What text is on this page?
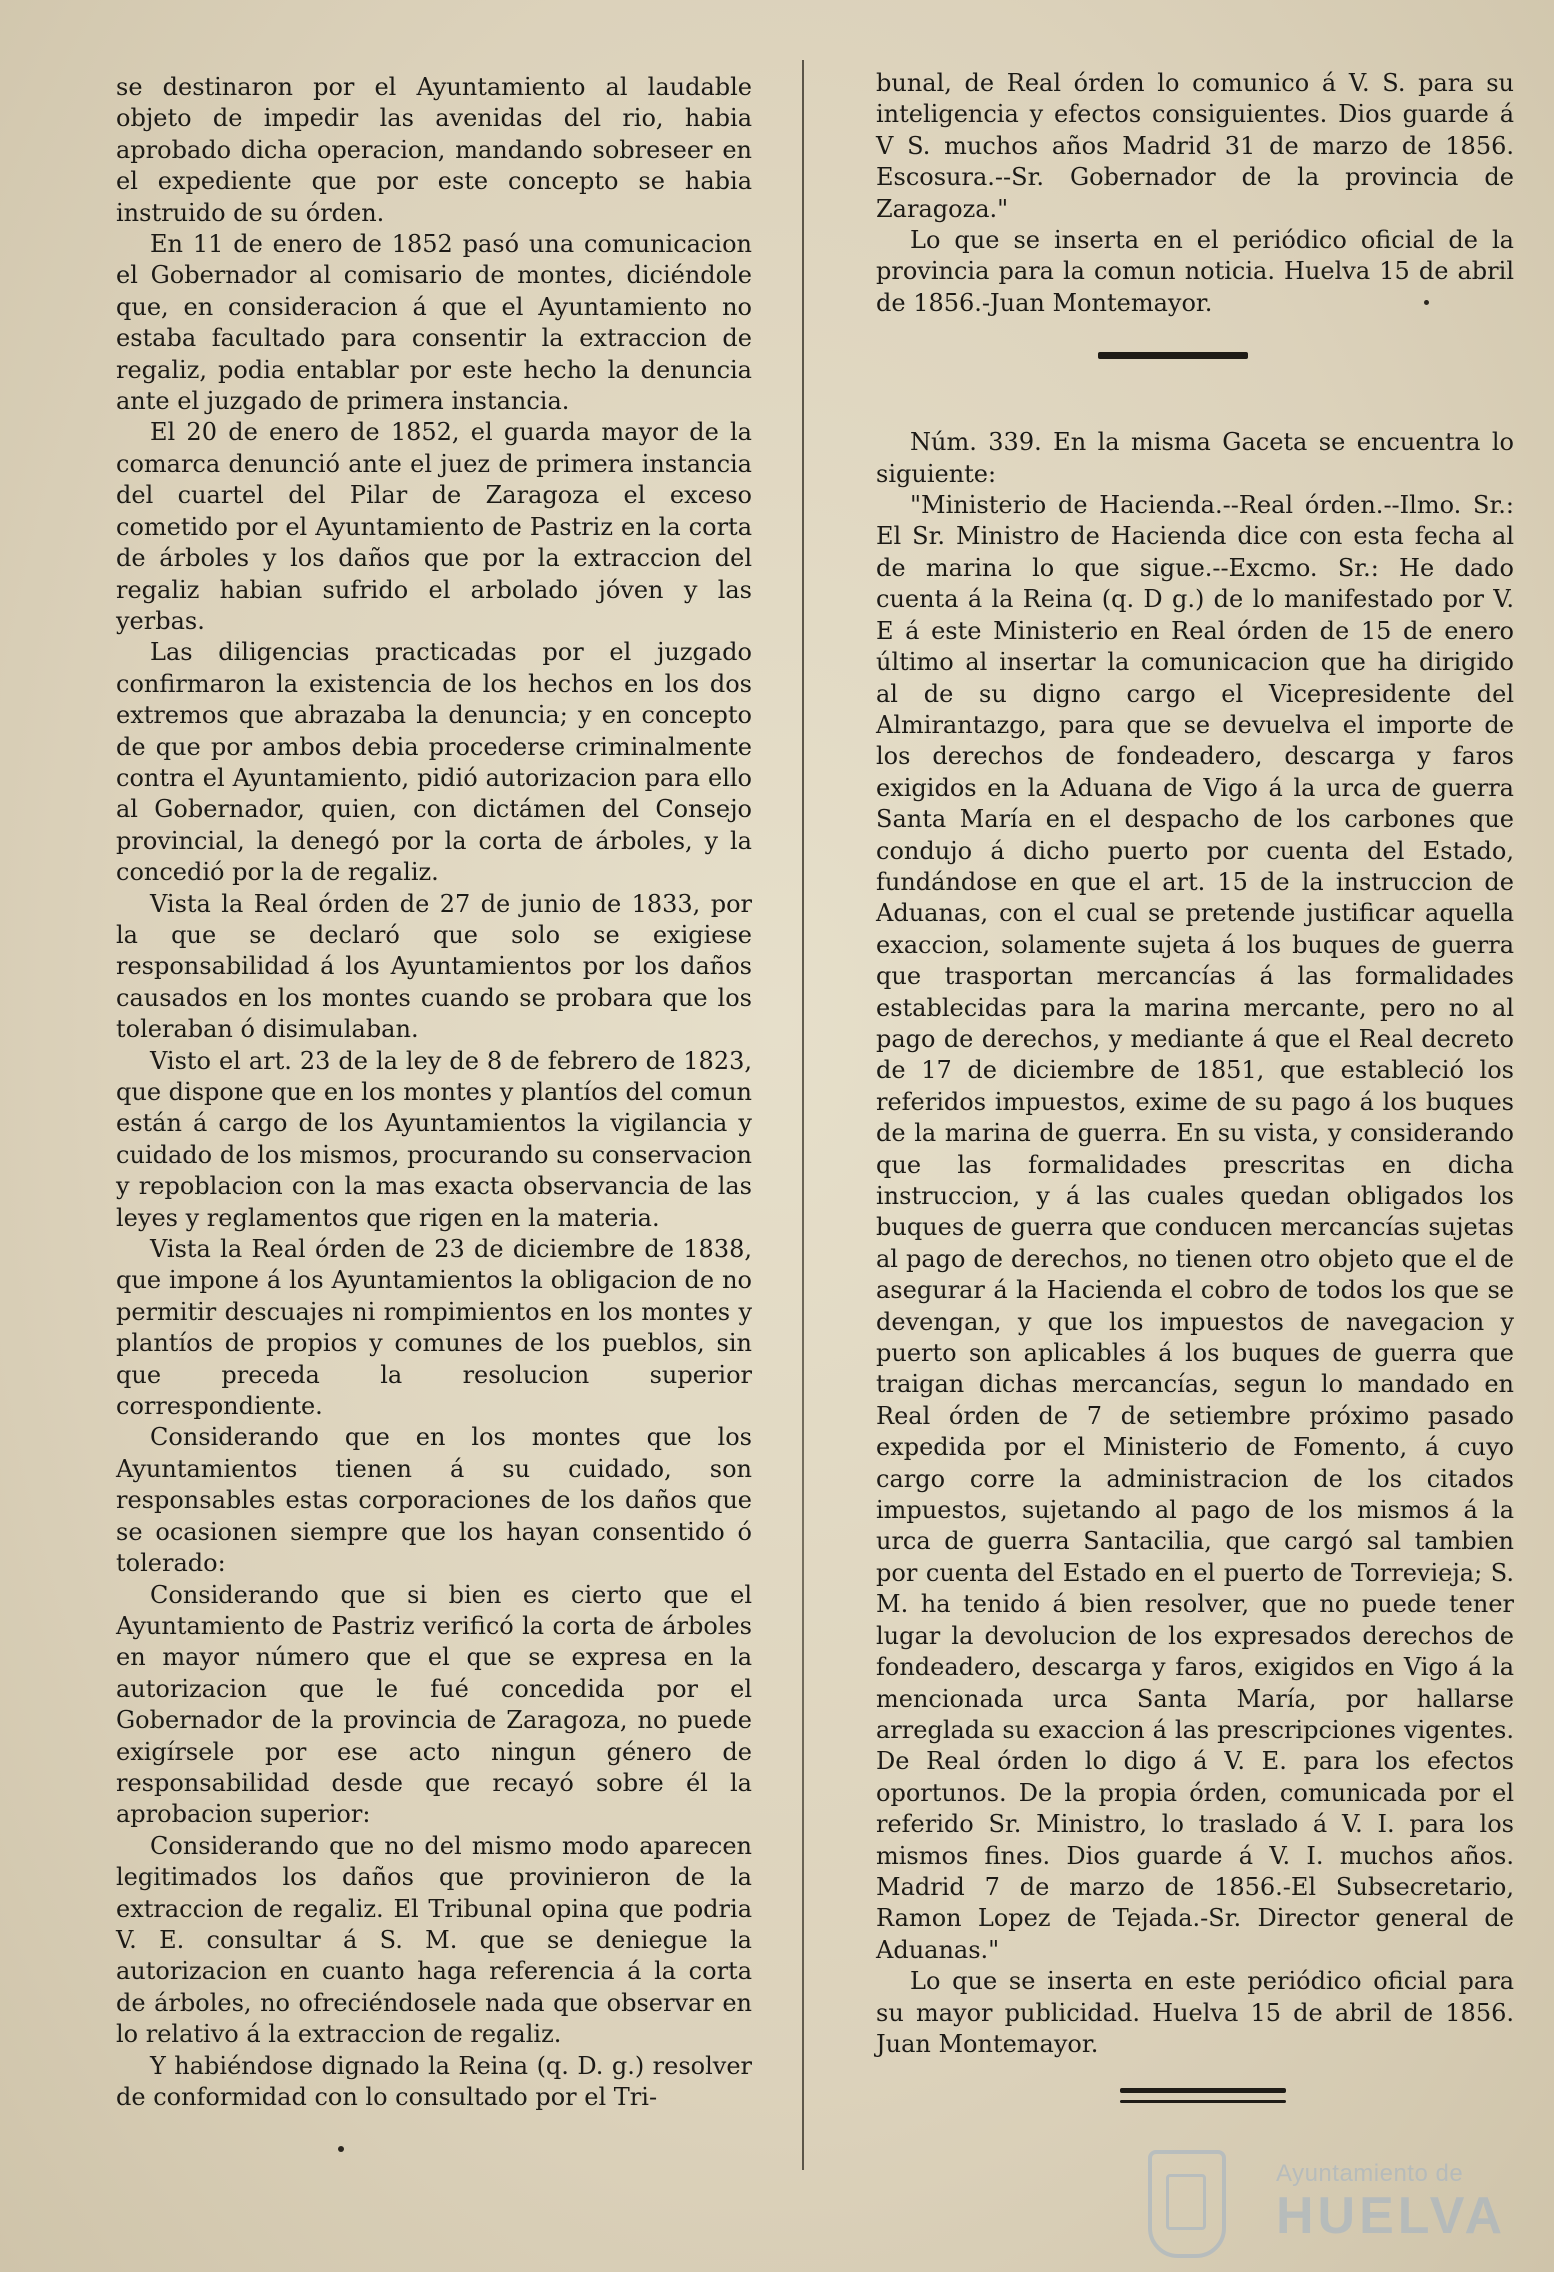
se destinaron por el Ayuntamiento al laudable objeto de impedir las avenidas del rio, habia aprobado dicha operacion, mandando sobreseer en el expediente que por este concepto se habia instruido de su órden.

En 11 de enero de 1852 pasó una comunicacion el Gobernador al comisario de montes, diciéndole que, en consideracion á que el Ayuntamiento no estaba facultado para consentir la extraccion de regaliz, podia entablar por este hecho la denuncia ante el juzgado de primera instancia.

El 20 de enero de 1852, el guarda mayor de la comarca denunció ante el juez de primera instancia del cuartel del Pilar de Zaragoza el exceso cometido por el Ayuntamiento de Pastriz en la corta de árboles y los daños que por la extraccion del regaliz habian sufrido el arbolado jóven y las yerbas.

Las diligencias practicadas por el juzgado confirmaron la existencia de los hechos en los dos extremos que abrazaba la denuncia; y en concepto de que por ambos debia procederse criminalmente contra el Ayuntamiento, pidió autorizacion para ello al Gobernador, quien, con dictámen del Consejo provincial, la denegó por la corta de árboles, y la concedió por la de regaliz.

Vista la Real órden de 27 de junio de 1833, por la que se declaró que solo se exigiese responsabilidad á los Ayuntamientos por los daños causados en los montes cuando se probara que los toleraban ó disimulaban.

Visto el art. 23 de la ley de 8 de febrero de 1823, que dispone que en los montes y plantíos del comun están á cargo de los Ayuntamientos la vigilancia y cuidado de los mismos, procurando su conservacion y repoblacion con la mas exacta observancia de las leyes y reglamentos que rigen en la materia.

Vista la Real órden de 23 de diciembre de 1838, que impone á los Ayuntamientos la obligacion de no permitir descuajes ni rompimientos en los montes y plantíos de propios y comunes de los pueblos, sin que preceda la resolucion superior correspondiente.

Considerando que en los montes que los Ayuntamientos tienen á su cuidado, son responsables estas corporaciones de los daños que se ocasionen siempre que los hayan consentido ó tolerado:

Considerando que si bien es cierto que el Ayuntamiento de Pastriz verificó la corta de árboles en mayor número que el que se expresa en la autorizacion que le fué concedida por el Gobernador de la provincia de Zaragoza, no puede exigírsele por ese acto ningun género de responsabilidad desde que recayó sobre él la aprobacion superior:

Considerando que no del mismo modo aparecen legitimados los daños que provinieron de la extraccion de regaliz. El Tribunal opina que podria V. E. consultar á S. M. que se deniegue la autorizacion en cuanto haga referencia á la corta de árboles, no ofreciéndosele nada que observar en lo relativo á la extraccion de regaliz.

Y habiéndose dignado la Reina (q. D. g.) resolver de conformidad con lo consultado por el Tri-

bunal, de Real órden lo comunico á V. S. para su inteligencia y efectos consiguientes. Dios guarde á V S. muchos años Madrid 31 de marzo de 1856. Escosura.--Sr. Gobernador de la provincia de Zaragoza."

Lo que se inserta en el periódico oficial de la provincia para la comun noticia. Huelva 15 de abril de 1856.-Juan Montemayor.

Núm. 339. En la misma Gaceta se encuentra lo siguiente:

"Ministerio de Hacienda.--Real órden.--Ilmo. Sr.: El Sr. Ministro de Hacienda dice con esta fecha al de marina lo que sigue.--Excmo. Sr.: He dado cuenta á la Reina (q. D g.) de lo manifestado por V. E á este Ministerio en Real órden de 15 de enero último al insertar la comunicacion que ha dirigido al de su digno cargo el Vicepresidente del Almirantazgo, para que se devuelva el importe de los derechos de fondeadero, descarga y faros exigidos en la Aduana de Vigo á la urca de guerra Santa María en el despacho de los carbones que condujo á dicho puerto por cuenta del Estado, fundándose en que el art. 15 de la instruccion de Aduanas, con el cual se pretende justificar aquella exaccion, solamente sujeta á los buques de guerra que trasportan mercancías á las formalidades establecidas para la marina mercante, pero no al pago de derechos, y mediante á que el Real decreto de 17 de diciembre de 1851, que estableció los referidos impuestos, exime de su pago á los buques de la marina de guerra. En su vista, y considerando que las formalidades prescritas en dicha instruccion, y á las cuales quedan obligados los buques de guerra que conducen mercancías sujetas al pago de derechos, no tienen otro objeto que el de asegurar á la Hacienda el cobro de todos los que se devengan, y que los impuestos de navegacion y puerto son aplicables á los buques de guerra que traigan dichas mercancías, segun lo mandado en Real órden de 7 de setiembre próximo pasado expedida por el Ministerio de Fomento, á cuyo cargo corre la administracion de los citados impuestos, sujetando al pago de los mismos á la urca de guerra Santacilia, que cargó sal tambien por cuenta del Estado en el puerto de Torrevieja; S. M. ha tenido á bien resolver, que no puede tener lugar la devolucion de los expresados derechos de fondeadero, descarga y faros, exigidos en Vigo á la mencionada urca Santa María, por hallarse arreglada su exaccion á las prescripciones vigentes. De Real órden lo digo á V. E. para los efectos oportunos. De la propia órden, comunicada por el referido Sr. Ministro, lo traslado á V. I. para los mismos fines. Dios guarde á V. I. muchos años. Madrid 7 de marzo de 1856.-El Subsecretario, Ramon Lopez de Tejada.-Sr. Director general de Aduanas."

Lo que se inserta en este periódico oficial para su mayor publicidad. Huelva 15 de abril de 1856. Juan Montemayor.

Ayuntamiento de
HUELVA
